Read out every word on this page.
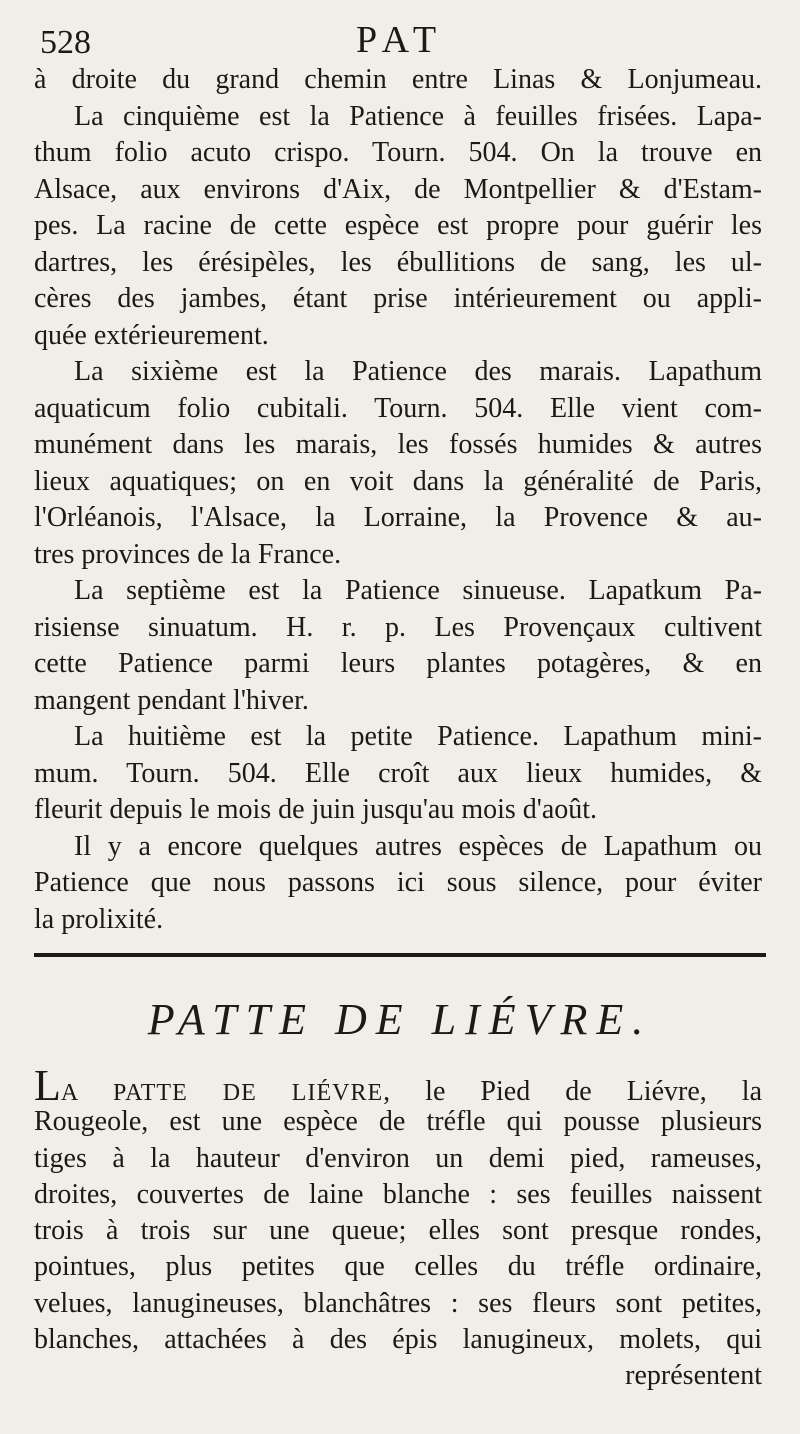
528	PAT
à droite du grand chemin entre Linas & Lonjumeau.
La cinquième est la Patience à feuilles frisées. Lapa-
thum folio acuto crispo. Tourn. 504. On la trouve en
Alsace, aux environs d'Aix, de Montpellier & d'Estam-
pes. La racine de cette espèce est propre pour guérir les
dartres, les érésipèles, les ébullitions de sang, les ul-
cères des jambes, étant prise intérieurement ou appli-
quée extérieurement.
La sixième est la Patience des marais. Lapathum
aquaticum folio cubitali. Tourn. 504. Elle vient com-
munément dans les marais, les fossés humides & autres
lieux aquatiques; on en voit dans la généralité de Paris,
l'Orléanois, l'Alsace, la Lorraine, la Provence & au-
tres provinces de la France.
La septième est la Patience sinueuse. Lapatkum Pa-
risiense sinuatum. H. r. p. Les Provençaux cultivent
cette Patience parmi leurs plantes potagères, & en
mangent pendant l'hiver.
La huitième est la petite Patience. Lapathum mini-
mum. Tourn. 504. Elle croît aux lieux humides, &
fleurit depuis le mois de juin jusqu'au mois d'août.
Il y a encore quelques autres espèces de Lapathum ou
Patience que nous passons ici sous silence, pour éviter
la prolixité.
PATTE DE LIÉVRE.
LA PATTE DE LIÉVRE, le Pied de Liévre, la
Rougeole, est une espèce de tréfle qui pousse plusieurs
tiges à la hauteur d'environ un demi pied, rameuses,
droites, couvertes de laine blanche : ses feuilles naissent
trois à trois sur une queue; elles sont presque rondes,
pointues, plus petites que celles du tréfle ordinaire,
velues, lanugineuses, blanchâtres : ses fleurs sont petites,
blanches, attachées à des épis lanugineux, molets, qui
représentent
